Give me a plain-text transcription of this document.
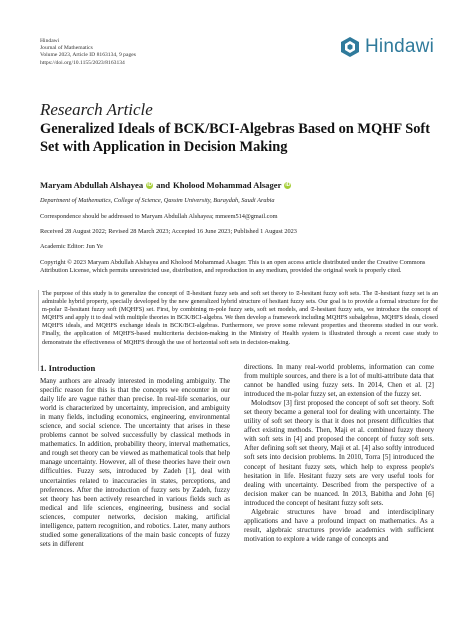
Hindawi
Journal of Mathematics
Volume 2023, Article ID 8163134, 9 pages
https://doi.org/10.1155/2023/8163134
Hindawi
Research Article
Generalized Ideals of BCK/BCI-Algebras Based on MQHF Soft Set with Application in Decision Making
Maryam Abdullah Alshayea iD and Kholood Mohammad Alsager iD
Department of Mathematics, College of Science, Qassim University, Buraydah, Saudi Arabia
Correspondence should be addressed to Maryam Abdullah Alshayea; mmeem514@gmail.com
Received 28 August 2022; Revised 28 March 2023; Accepted 16 June 2023; Published 1 August 2023
Academic Editor: Jun Ye
Copyright © 2023 Maryam Abdullah Alshayea and Kholood Mohammad Alsager. This is an open access article distributed under the Creative Commons Attribution License, which permits unrestricted use, distribution, and reproduction in any medium, provided the original work is properly cited.
The purpose of this study is to generalize the concept of 𝔖-hesitant fuzzy sets and soft set theory to 𝔖-hesitant fuzzy soft sets. The 𝔖-hesitant fuzzy set is an admirable hybrid property, specially developed by the new generalized hybrid structure of hesitant fuzzy sets. Our goal is to provide a formal structure for the m-polar 𝔖-hesitant fuzzy soft (MQHFS) set. First, by combining m-pole fuzzy sets, soft set models, and 𝔖-hesitant fuzzy sets, we introduce the concept of MQHFS and apply it to deal with multiple theories in BCK/BCI-algebra. We then develop a framework including MQHFS subalgebras, MQHFS ideals, closed MQHFS ideals, and MQHFS exchange ideals in BCK/BCI-algebras. Furthermore, we prove some relevant properties and theorems studied in our work. Finally, the application of MQHFS-based multicriteria decision-making in the Ministry of Health system is illustrated through a recent case study to demonstrate the effectiveness of MQHFS through the use of horizontal soft sets in decision-making.
1. Introduction

Many authors are already interested in modeling ambiguity. The specific reason for this is that the concepts we encounter in our daily life are vague rather than precise. In real-life scenarios, our world is characterized by uncertainty, imprecision, and ambiguity in many fields, including economics, engineering, environmental science, and social science. The uncertainty that arises in these problems cannot be solved successfully by classical methods in mathematics. In addition, probability theory, interval mathematics, and rough set theory can be viewed as mathematical tools that help manage uncertainty. However, all of these theories have their own difficulties. Fuzzy sets, introduced by Zadeh [1], deal with uncertainties related to inaccuracies in states, perceptions, and preferences. After the introduction of fuzzy sets by Zadeh, fuzzy set theory has been actively researched in various fields such as medical and life sciences, engineering, business and social sciences, computer networks, decision making, artificial intelligence, pattern recognition, and robotics. Later, many authors studied some generalizations of the main basic concepts of fuzzy sets in different

directions. In many real-world problems, information can come from multiple sources, and there is a lot of multi-attribute data that cannot be handled using fuzzy sets. In 2014, Chen et al. [2] introduced the m-polar fuzzy set, an extension of the fuzzy set.

Molodtsov [3] first proposed the concept of soft set theory. Soft set theory became a general tool for dealing with uncertainty. The utility of soft set theory is that it does not present difficulties that affect existing methods. Then, Maji et al. combined fuzzy theory with soft sets in [4] and proposed the concept of fuzzy soft sets. After defining soft set theory, Maji et al. [4] also softly introduced soft sets into decision problems. In 2010, Torra [5] introduced the concept of hesitant fuzzy sets, which help to express people's hesitation in life. Hesitant fuzzy sets are very useful tools for dealing with uncertainty. Described from the perspective of a decision maker can be nuanced. In 2013, Babitha and John [6] introduced the concept of hesitant fuzzy soft sets.

Algebraic structures have broad and interdisciplinary applications and have a profound impact on mathematics. As a result, algebraic structures provide academics with sufficient motivation to explore a wide range of concepts and
